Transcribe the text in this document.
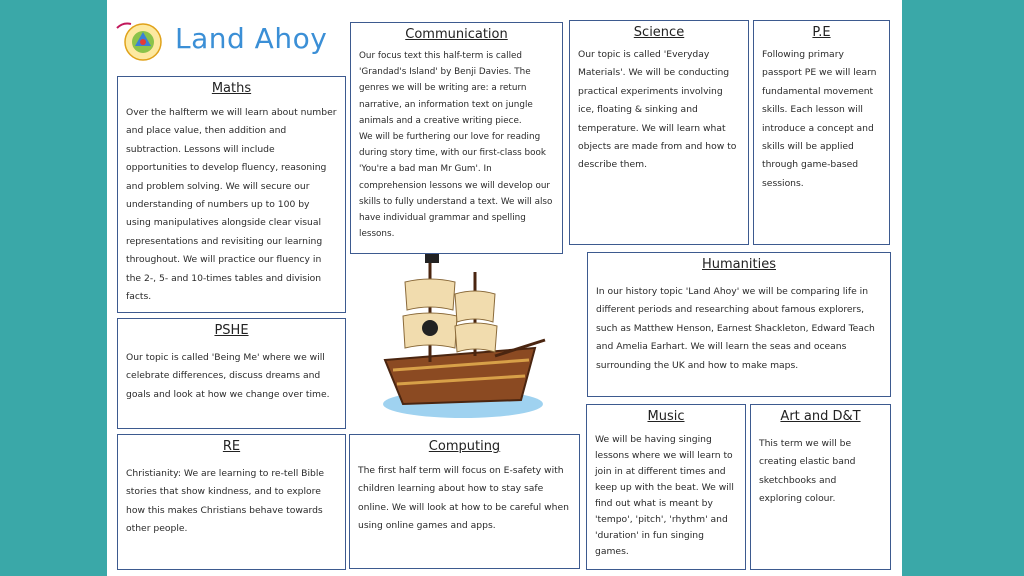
Land Ahoy
Maths

Over the halfterm we will learn about number and place value, then addition and subtraction. Lessons will include opportunities to develop fluency, reasoning and problem solving. We will secure our understanding of numbers up to 100 by using manipulatives alongside clear visual representations and revisiting our learning throughout. We will practice our fluency in the 2-, 5- and 10-times tables and division facts.

Communication

Our focus text this half-term is called 'Grandad's Island' by Benji Davies. The genres we will be writing are: a return narrative, an information text on jungle animals and a creative writing piece.
We will be furthering our love for reading during story time, with our first-class book 'You're a bad man Mr Gum'. In comprehension lessons we will develop our skills to fully understand a text. We will also have individual grammar and spelling lessons.

Science

Our topic is called 'Everyday Materials'. We will be conducting practical experiments involving ice, floating & sinking and temperature. We will learn what objects are made from and how to describe them.

P.E

Following primary passport PE we will learn fundamental movement skills. Each lesson will introduce a concept and skills will be applied through game-based sessions.

Humanities

In our history topic 'Land Ahoy' we will be comparing life in different periods and researching about famous explorers, such as Matthew Henson, Earnest Shackleton, Edward Teach and Amelia Earhart. We will learn the seas and oceans surrounding the UK and how to make maps.

PSHE

Our topic is called 'Being Me' where we will celebrate differences, discuss dreams and goals and look at how we change over time.

RE

Christianity: We are learning to re-tell Bible stories that show kindness, and to explore how this makes Christians behave towards other people.

Computing

The first half term will focus on E-safety with children learning about how to stay safe online. We will look at how to be careful when using online games and apps.

Music

We will be having singing lessons where we will learn to join in at different times and keep up with the beat. We will find out what is meant by 'tempo', 'pitch', 'rhythm' and 'duration' in fun singing games.

Art and D&T

This term we will be creating elastic band sketchbooks and exploring colour.
